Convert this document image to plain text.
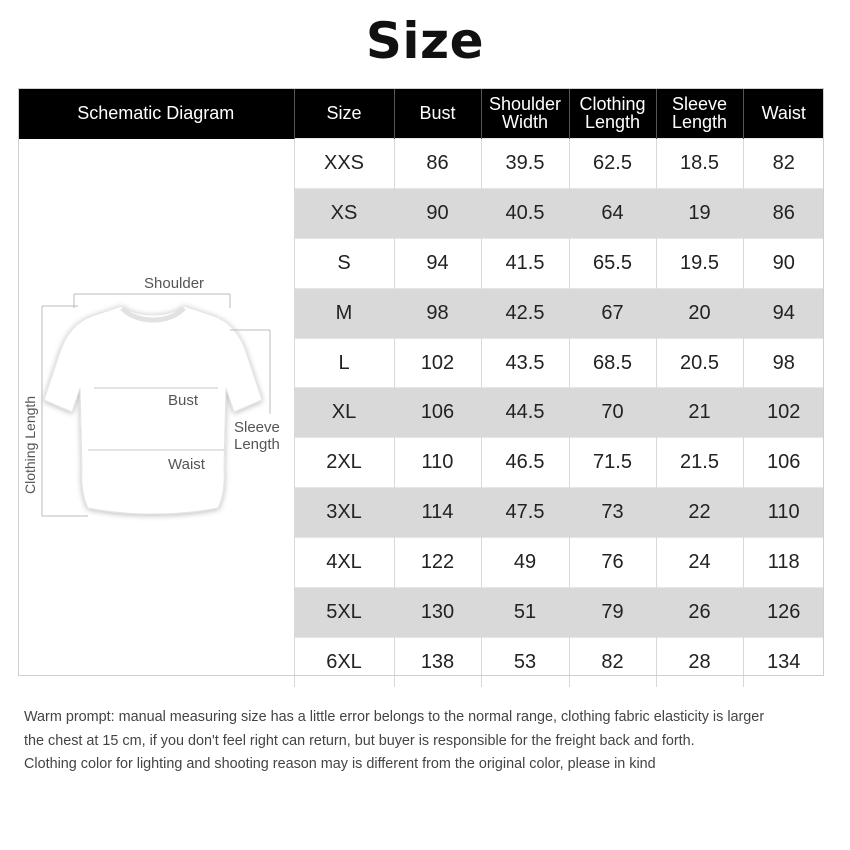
Size
Schematic Diagram	Size	Bust	Shoulder Width	Clothing Length	Sleeve Length	Waist
	XXS	86	39.5	62.5	18.5	82
	XS	90	40.5	64	19	86
	S	94	41.5	65.5	19.5	90
	M	98	42.5	67	20	94
	L	102	43.5	68.5	20.5	98
	XL	106	44.5	70	21	102
	2XL	110	46.5	71.5	21.5	106
	3XL	114	47.5	73	22	110
	4XL	122	49	76	24	118
	5XL	130	51	79	26	126
	6XL	138	53	82	28	134
Shoulder
Bust
Sleeve
Length
Waist
Clothing Length
Warm prompt: manual measuring size has a little error belongs to the normal range, clothing fabric elasticity is larger
the chest at 15 cm, if you don't feel right can return, but buyer is responsible for the freight back and forth.
Clothing color for lighting and shooting reason may is different from the original color, please in kind
